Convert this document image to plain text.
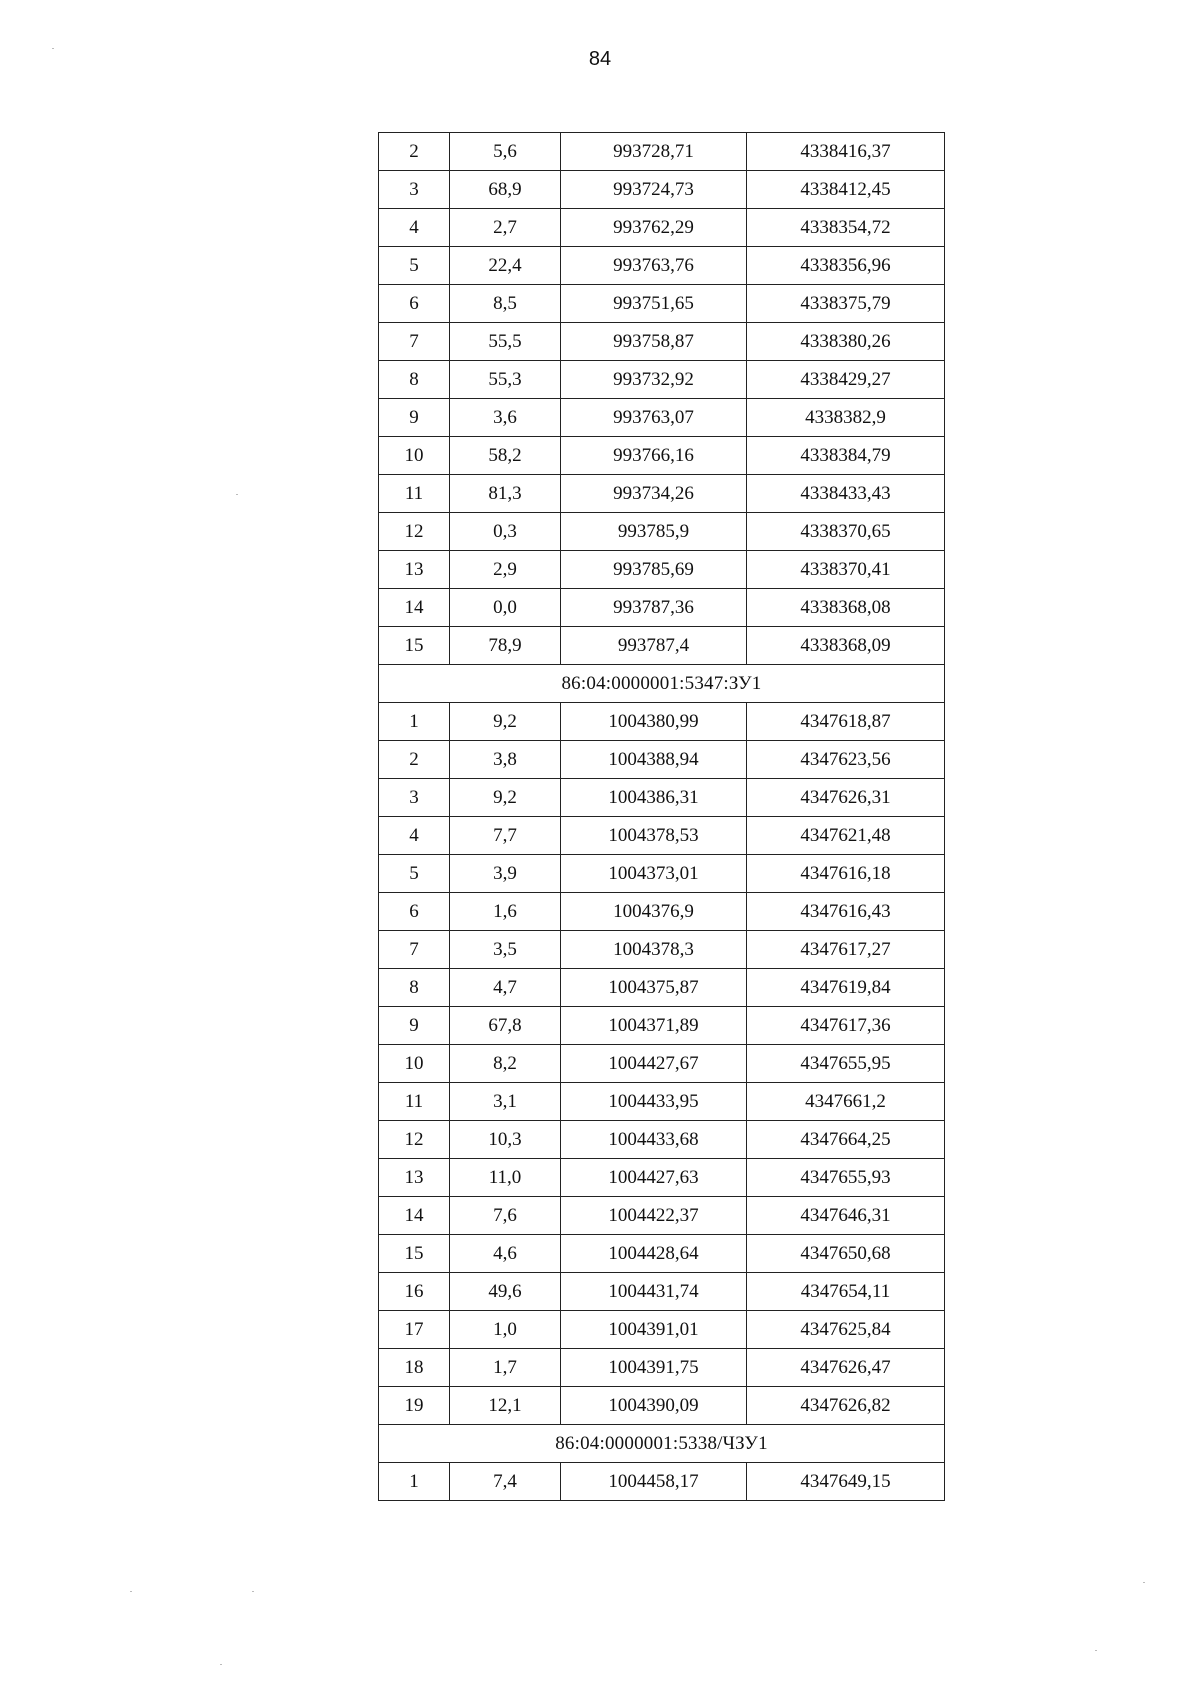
84
2	5,6	993728,71	4338416,37
3	68,9	993724,73	4338412,45
4	2,7	993762,29	4338354,72
5	22,4	993763,76	4338356,96
6	8,5	993751,65	4338375,79
7	55,5	993758,87	4338380,26
8	55,3	993732,92	4338429,27
9	3,6	993763,07	4338382,9
10	58,2	993766,16	4338384,79
11	81,3	993734,26	4338433,43
12	0,3	993785,9	4338370,65
13	2,9	993785,69	4338370,41
14	0,0	993787,36	4338368,08
15	78,9	993787,4	4338368,09
86:04:0000001:5347:ЗУ1			
1	9,2	1004380,99	4347618,87
2	3,8	1004388,94	4347623,56
3	9,2	1004386,31	4347626,31
4	7,7	1004378,53	4347621,48
5	3,9	1004373,01	4347616,18
6	1,6	1004376,9	4347616,43
7	3,5	1004378,3	4347617,27
8	4,7	1004375,87	4347619,84
9	67,8	1004371,89	4347617,36
10	8,2	1004427,67	4347655,95
11	3,1	1004433,95	4347661,2
12	10,3	1004433,68	4347664,25
13	11,0	1004427,63	4347655,93
14	7,6	1004422,37	4347646,31
15	4,6	1004428,64	4347650,68
16	49,6	1004431,74	4347654,11
17	1,0	1004391,01	4347625,84
18	1,7	1004391,75	4347626,47
19	12,1	1004390,09	4347626,82
86:04:0000001:5338/ЧЗУ1			
1	7,4	1004458,17	4347649,15
